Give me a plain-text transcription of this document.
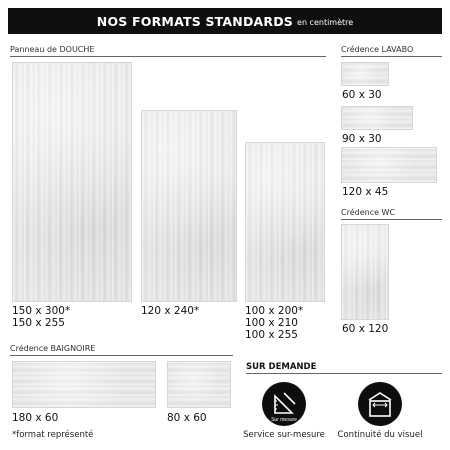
NOS FORMATS STANDARDS en centimètre
Panneau de DOUCHE
150 x 300*
150 x 255
120 x 240*	100 x 200*
100 x 210
100 x 255
Crédence LAVABO
60 x 30
90 x 30
120 x 45
Crédence WC
60 x 120
Crédence BAIGNOIRE
180 x 60	80 x 60
*format représenté
SUR DEMANDE
Sur mesure
Service sur-mesure	Continuité du visuel
